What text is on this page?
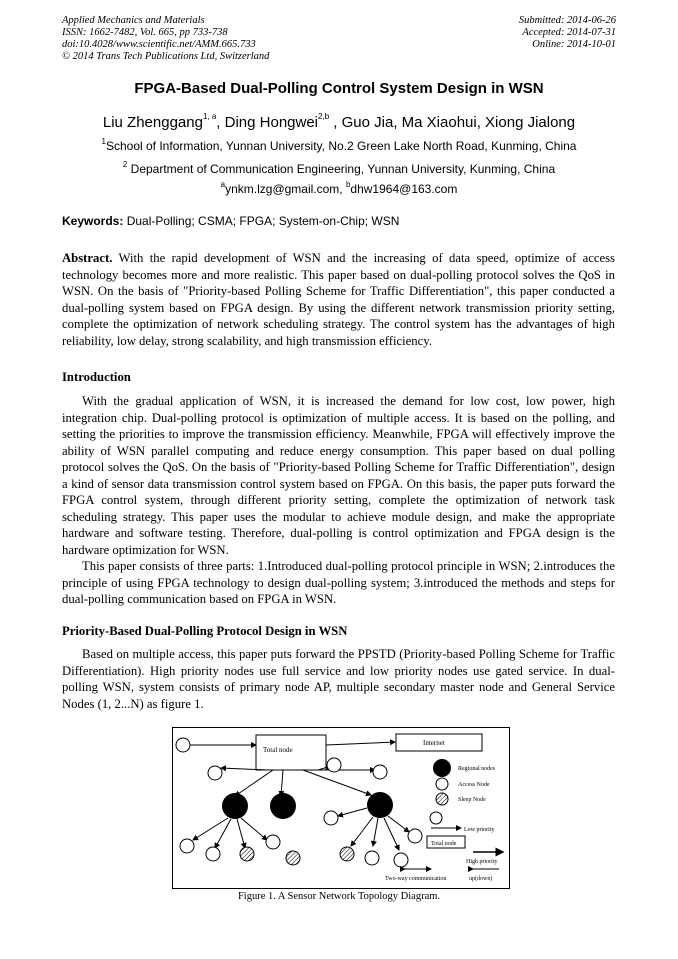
Applied Mechanics and Materials
ISSN: 1662-7482, Vol. 665, pp 733-738
doi:10.4028/www.scientific.net/AMM.665.733
© 2014 Trans Tech Publications Ltd, Switzerland
Submitted: 2014-06-26
Accepted: 2014-07-31
Online: 2014-10-01
FPGA-Based Dual-Polling Control System Design in WSN
Liu Zhenggang$^{1, a}$, Ding Hongwei$^{2,b}$ , Guo Jia, Ma Xiaohui, Xiong Jialong
$^1$School of Information, Yunnan University, No.2 Green Lake North Road, Kunming, China
$^2$ Department of Communication Engineering, Yunnan University, Kunming, China
$^a$ynkm.lzg@gmail.com, $^b$dhw1964@163.com
Keywords: Dual-Polling; CSMA; FPGA; System-on-Chip; WSN

Abstract. With the rapid development of WSN and the increasing of data speed, optimize of access technology becomes more and more realistic. This paper based on dual-polling protocol solves the QoS in WSN. On the basis of "Priority-based Polling Scheme for Traffic Differentiation", this paper conducted a dual-polling system based on FPGA design. By using the different network transmission priority setting, complete the optimization of network scheduling strategy. The control system has the advantages of high reliability, low delay, strong scalability, and high transmission efficiency.

Introduction

With the gradual application of WSN, it is increased the demand for low cost, low power, high integration chip. Dual-polling protocol is optimization of multiple access. It is based on the polling, and setting the priorities to improve the transmission efficiency. Meanwhile, FPGA will effectively improve the ability of WSN parallel computing and reduce energy consumption. This paper based on dual polling protocol solves the QoS. On the basis of "Priority-based Polling Scheme for Traffic Differentiation", design a kind of sensor data transmission control system based on FPGA. On this basis, the paper puts forward the FPGA control system, through different priority setting, complete the optimization of network task scheduling strategy. This paper uses the modular to achieve module design, and make the appropriate hardware and software testing. Therefore, dual-polling is control optimization and FPGA design is the hardware optimization for WSN.

This paper consists of three parts: 1.Introduced dual-polling protocol principle in WSN; 2.introduces the principle of using FPGA technology to design dual-polling system; 3.introduced the methods and steps for dual-polling communication based on FPGA in WSN.

Priority-Based Dual-Polling Protocol Design in WSN

Based on multiple access, this paper puts forward the PPSTD (Priority-based Polling Scheme for Traffic Differentiation). High priority nodes use full service and low priority nodes use gated service. In dual-polling WSN, system consists of primary node AP, multiple secondary master node and General Service Nodes (1, 2...N) as figure 1.

Total node
Internet
Regional nodes
Access Node
Sleep Node
Low priority
Total node
High priority
Two-way communication	up(down)
Figure 1. A Sensor Network Topology Diagram.
